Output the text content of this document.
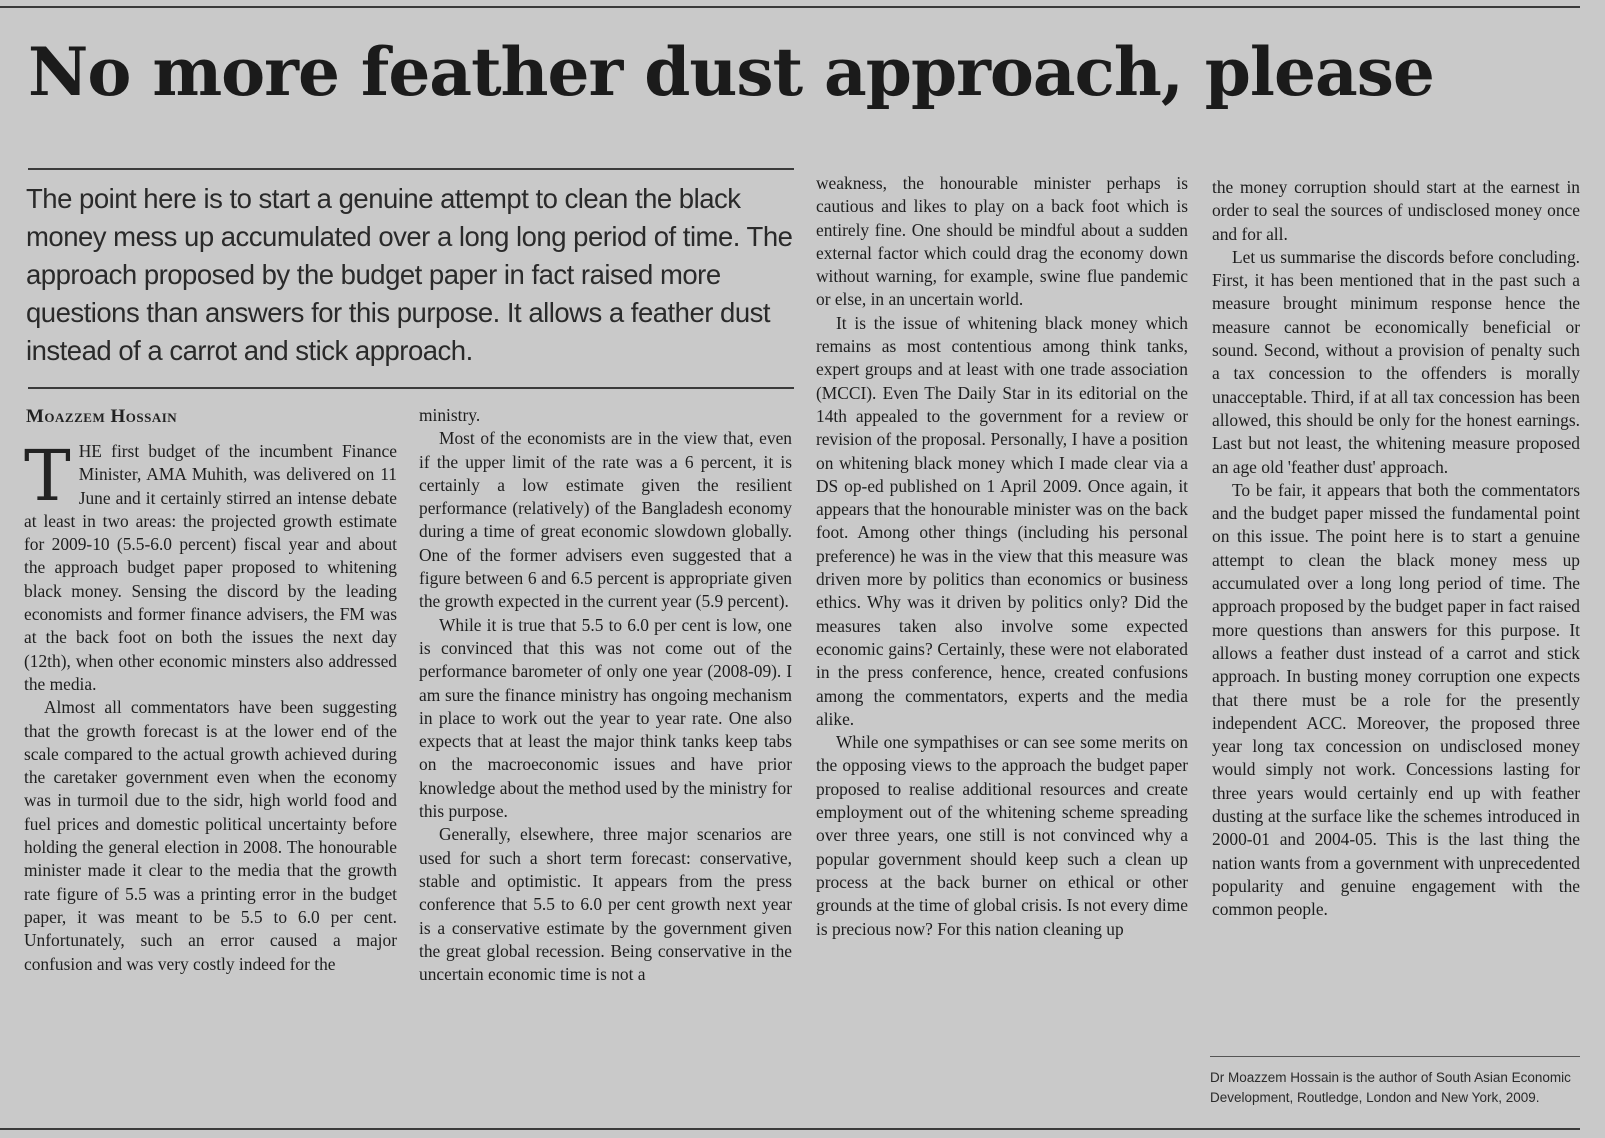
No more feather dust approach, please

The point here is to start a genuine attempt to clean the black money mess up accumulated over a long long period of time. The approach proposed by the budget paper in fact raised more questions than answers for this purpose. It allows a feather dust instead of a carrot and stick approach.

Moazzem Hossain

THE first budget of the incumbent Finance Minister, AMA Muhith, was delivered on 11 June and it certainly stirred an intense debate at least in two areas: the projected growth estimate for 2009-10 (5.5-6.0 percent) fiscal year and about the approach budget paper proposed to whitening black money. Sensing the discord by the leading economists and former finance advisers, the FM was at the back foot on both the issues the next day (12th), when other economic minsters also addressed the media.

Almost all commentators have been suggesting that the growth forecast is at the lower end of the scale compared to the actual growth achieved during the caretaker government even when the economy was in turmoil due to the sidr, high world food and fuel prices and domestic political uncertainty before holding the general election in 2008. The honourable minister made it clear to the media that the growth rate figure of 5.5 was a printing error in the budget paper, it was meant to be 5.5 to 6.0 per cent. Unfortunately, such an error caused a major confusion and was very costly indeed for the

ministry.

Most of the economists are in the view that, even if the upper limit of the rate was a 6 percent, it is certainly a low estimate given the resilient performance (relatively) of the Bangladesh economy during a time of great economic slowdown globally. One of the former advisers even suggested that a figure between 6 and 6.5 percent is appropriate given the growth expected in the current year (5.9 percent).

While it is true that 5.5 to 6.0 per cent is low, one is convinced that this was not come out of the performance barometer of only one year (2008-09). I am sure the finance ministry has ongoing mechanism in place to work out the year to year rate. One also expects that at least the major think tanks keep tabs on the macroeconomic issues and have prior knowledge about the method used by the ministry for this purpose.

Generally, elsewhere, three major scenarios are used for such a short term forecast: conservative, stable and optimistic. It appears from the press conference that 5.5 to 6.0 per cent growth next year is a conservative estimate by the government given the great global recession. Being conservative in the uncertain economic time is not a

weakness, the honourable minister perhaps is cautious and likes to play on a back foot which is entirely fine. One should be mindful about a sudden external factor which could drag the economy down without warning, for example, swine flue pandemic or else, in an uncertain world.

It is the issue of whitening black money which remains as most contentious among think tanks, expert groups and at least with one trade association (MCCI). Even The Daily Star in its editorial on the 14th appealed to the government for a review or revision of the proposal. Personally, I have a position on whitening black money which I made clear via a DS op-ed published on 1 April 2009. Once again, it appears that the honourable minister was on the back foot. Among other things (including his personal preference) he was in the view that this measure was driven more by politics than economics or business ethics. Why was it driven by politics only? Did the measures taken also involve some expected economic gains? Certainly, these were not elaborated in the press conference, hence, created confusions among the commentators, experts and the media alike.

While one sympathises or can see some merits on the opposing views to the approach the budget paper proposed to realise additional resources and create employment out of the whitening scheme spreading over three years, one still is not convinced why a popular government should keep such a clean up process at the back burner on ethical or other grounds at the time of global crisis. Is not every dime is precious now? For this nation cleaning up

the money corruption should start at the earnest in order to seal the sources of undisclosed money once and for all.

Let us summarise the discords before concluding. First, it has been mentioned that in the past such a measure brought minimum response hence the measure cannot be economically beneficial or sound. Second, without a provision of penalty such a tax concession to the offenders is morally unacceptable. Third, if at all tax concession has been allowed, this should be only for the honest earnings. Last but not least, the whitening measure proposed an age old 'feather dust' approach.

To be fair, it appears that both the commentators and the budget paper missed the fundamental point on this issue. The point here is to start a genuine attempt to clean the black money mess up accumulated over a long long period of time. The approach proposed by the budget paper in fact raised more questions than answers for this purpose. It allows a feather dust instead of a carrot and stick approach. In busting money corruption one expects that there must be a role for the presently independent ACC. Moreover, the proposed three year long tax concession on undisclosed money would simply not work. Concessions lasting for three years would certainly end up with feather dusting at the surface like the schemes introduced in 2000-01 and 2004-05. This is the last thing the nation wants from a government with unprecedented popularity and genuine engagement with the common people.

Dr Moazzem Hossain is the author of South Asian Economic Development, Routledge, London and New York, 2009.
